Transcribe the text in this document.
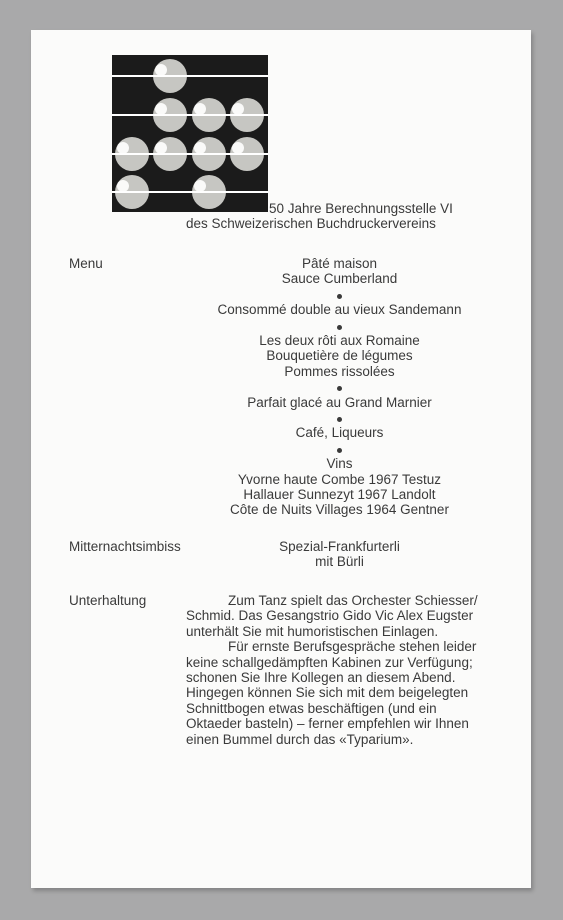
50 Jahre Berechnungsstelle VI
des Schweizerischen Buchdruckervereins
Menu	Pâté maison
Sauce Cumberland
Consommé double au vieux Sandemann
Les deux rôti aux Romaine
Bouquetière de légumes
Pommes rissolées
Parfait glacé au Grand Marnier
Café, Liqueurs
Vins
Yvorne haute Combe 1967 Testuz
Hallauer Sunnezyt 1967 Landolt
Côte de Nuits Villages 1964 Gentner
Mitternachtsimbiss	Spezial-Frankfurterli
mit Bürli
Unterhaltung	Zum Tanz spielt das Orchester Schiesser/
Schmid. Das Gesangstrio Gido Vic Alex Eugster
unterhält Sie mit humoristischen Einlagen.
Für ernste Berufsgespräche stehen leider
keine schallgedämpften Kabinen zur Verfügung;
schonen Sie Ihre Kollegen an diesem Abend.
Hingegen können Sie sich mit dem beigelegten
Schnittbogen etwas beschäftigen (und ein
Oktaeder basteln) – ferner empfehlen wir Ihnen
einen Bummel durch das «Typarium».
